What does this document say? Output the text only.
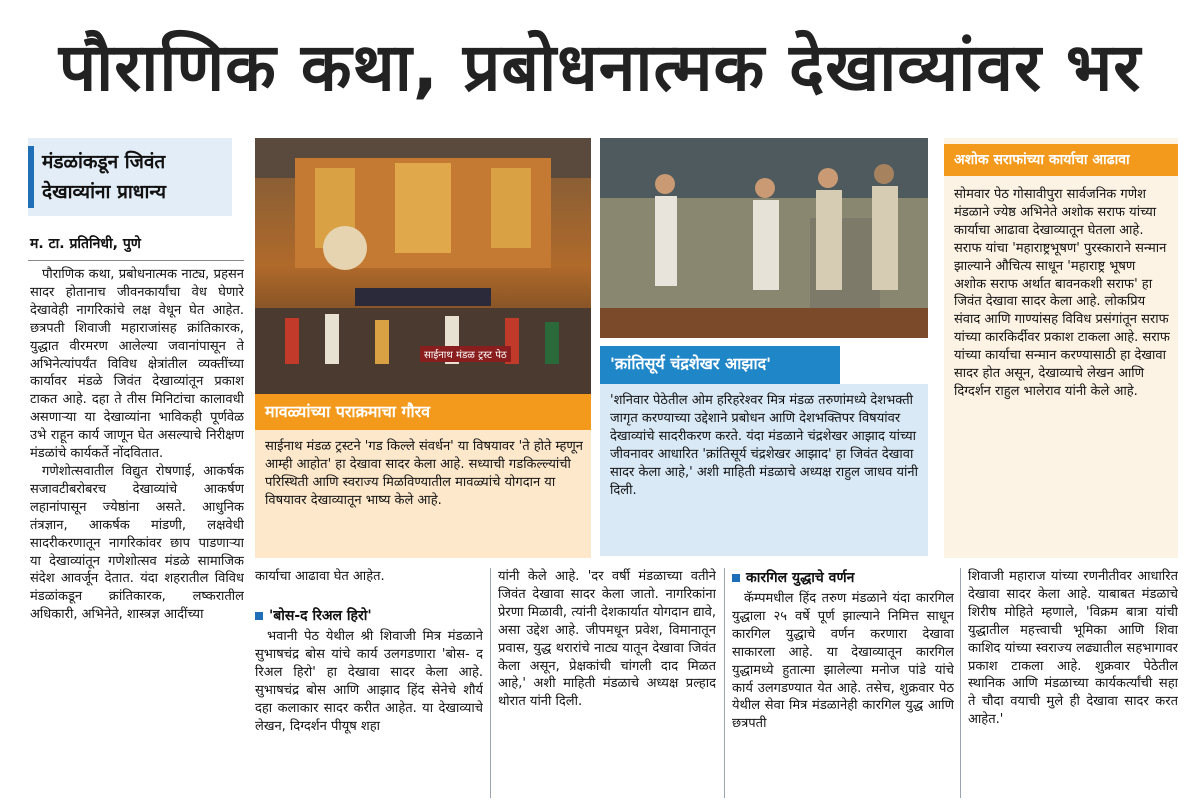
पौराणिक कथा, प्रबोधनात्मक देखाव्यांवर भर
मंडळांकडून जिवंत
देखाव्यांना प्राधान्य
म. टा. प्रतिनिधी, पुणे

पौराणिक कथा, प्रबोधनात्मक नाट्य, प्रहसन सादर होतानाच जीवनकार्यांचा वेध घेणारे देखावेही नागरिकांचे लक्ष वेधून घेत आहेत. छत्रपती शिवाजी महाराजांसह क्रांतिकारक, युद्धात वीरमरण आलेल्या जवानांपासून ते अभिनेत्यांपर्यंत विविध क्षेत्रांतील व्यक्तींच्या कार्यावर मंडळे जिवंत देखाव्यांतून प्रकाश टाकत आहे. दहा ते तीस मिनिटांचा कालावधी असणाऱ्या या देखाव्यांना भाविकही पूर्णवेळ उभे राहून कार्य जाणून घेत असल्याचे निरीक्षण मंडळांचे कार्यकर्ते नोंदवितात.

गणेशोत्सवातील विद्युत रोषणाई, आकर्षक सजावटीबरोबरच देखाव्यांचे आकर्षण लहानांपासून ज्येष्ठांना असते. आधुनिक तंत्रज्ञान, आकर्षक मांडणी, लक्षवेधी सादरीकरणातून नागरिकांवर छाप पाडणाऱ्या या देखाव्यांतून गणेशोत्सव मंडळे सामाजिक संदेश आवर्जून देतात. यंदा शहरातील विविध मंडळांकडून क्रांतिकारक, लष्करातील अधिकारी, अभिनेते, शास्त्रज्ञ आदींच्या

साईनाथ मंडळ ट्रस्ट पेठ
मावळ्यांच्या पराक्रमाचा गौरव
साईनाथ मंडळ ट्रस्टने 'गड किल्ले संवर्धन' या विषयावर 'ते होते म्हणून आम्ही आहोत' हा देखावा सादर केला आहे. सध्याची गडकिल्ल्यांची परिस्थिती आणि स्वराज्य मिळविण्यातील मावळ्यांचे योगदान या विषयावर देखाव्यातून भाष्य केले आहे.
'क्रांतिसूर्य चंद्रशेखर आझाद'
'शनिवार पेठेतील ओम हरिहरेश्वर मित्र मंडळ तरुणांमध्ये देशभक्ती जागृत करण्याच्या उद्देशाने प्रबोधन आणि देशभक्तिपर विषयांवर देखाव्यांचे सादरीकरण करते. यंदा मंडळाने चंद्रशेखर आझाद यांच्या जीवनावर आधारित 'क्रांतिसूर्य चंद्रशेखर आझाद' हा जिवंत देखावा सादर केला आहे,' अशी माहिती मंडळाचे अध्यक्ष राहुल जाधव यांनी दिली.
अशोक सराफांच्या कार्याचा आढावा
सोमवार पेठ गोसावीपुरा सार्वजनिक गणेश मंडळाने ज्येष्ठ अभिनेते अशोक सराफ यांच्या कार्याचा आढावा देखाव्यातून घेतला आहे. सराफ यांचा 'महाराष्ट्रभूषण' पुरस्काराने सन्मान झाल्याने औचित्य साधून 'महाराष्ट्र भूषण अशोक सराफ अर्थात बावनकशी सराफ' हा जिवंत देखावा सादर केला आहे. लोकप्रिय संवाद आणि गाण्यांसह विविध प्रसंगांतून सराफ यांच्या कारकिर्दीवर प्रकाश टाकला आहे. सराफ यांच्या कार्याचा सन्मान करण्यासाठी हा देखावा सादर होत असून, देखाव्याचे लेखन आणि दिग्दर्शन राहुल भालेराव यांनी केले आहे.
कार्याचा आढावा घेत आहेत.
'बोस-द रिअल हिरो'
भवानी पेठ येथील श्री शिवाजी मित्र मंडळाने सुभाषचंद्र बोस यांचे कार्य उलगडणारा 'बोस- द रिअल हिरो' हा देखावा सादर केला आहे. सुभाषचंद्र बोस आणि आझाद हिंद सेनेचे शौर्य दहा कलाकार सादर करीत आहेत. या देखाव्याचे लेखन, दिग्दर्शन पीयूष शहा
यांनी केले आहे. 'दर वर्षी मंडळाच्या वतीने जिवंत देखावा सादर केला जातो. नागरिकांना प्रेरणा मिळावी, त्यांनी देशकार्यात योगदान द्यावे, असा उद्देश आहे. जीपमधून प्रवेश, विमानातून प्रवास, युद्ध थरारांचे नाट्य यातून देखावा जिवंत केला असून, प्रेक्षकांची चांगली दाद मिळत आहे,' अशी माहिती मंडळाचे अध्यक्ष प्रल्हाद थोरात यांनी दिली.
कारगिल युद्धाचे वर्णन
कॅम्पमधील हिंद तरुण मंडळाने यंदा कारगिल युद्धाला २५ वर्षे पूर्ण झाल्याने निमित्त साधून कारगिल युद्धाचे वर्णन करणारा देखावा साकारला आहे. या देखाव्यातून कारगिल युद्धामध्ये हुतात्मा झालेल्या मनोज पांडे यांचे कार्य उलगडण्यात येत आहे. तसेच, शुक्रवार पेठ येथील सेवा मित्र मंडळानेही कारगिल युद्ध आणि छत्रपती
शिवाजी महाराज यांच्या रणनीतीवर आधारित देखावा सादर केला आहे. याबाबत मंडळाचे शिरीष मोहिते म्हणाले, 'विक्रम बात्रा यांची युद्धातील महत्त्वाची भूमिका आणि शिवा काशिद यांच्या स्वराज्य लढ्यातील सहभागावर प्रकाश टाकला आहे. शुक्रवार पेठेतील स्थानिक आणि मंडळाच्या कार्यकर्त्यांची सहा ते चौदा वयाची मुले ही देखावा सादर करत आहेत.'
